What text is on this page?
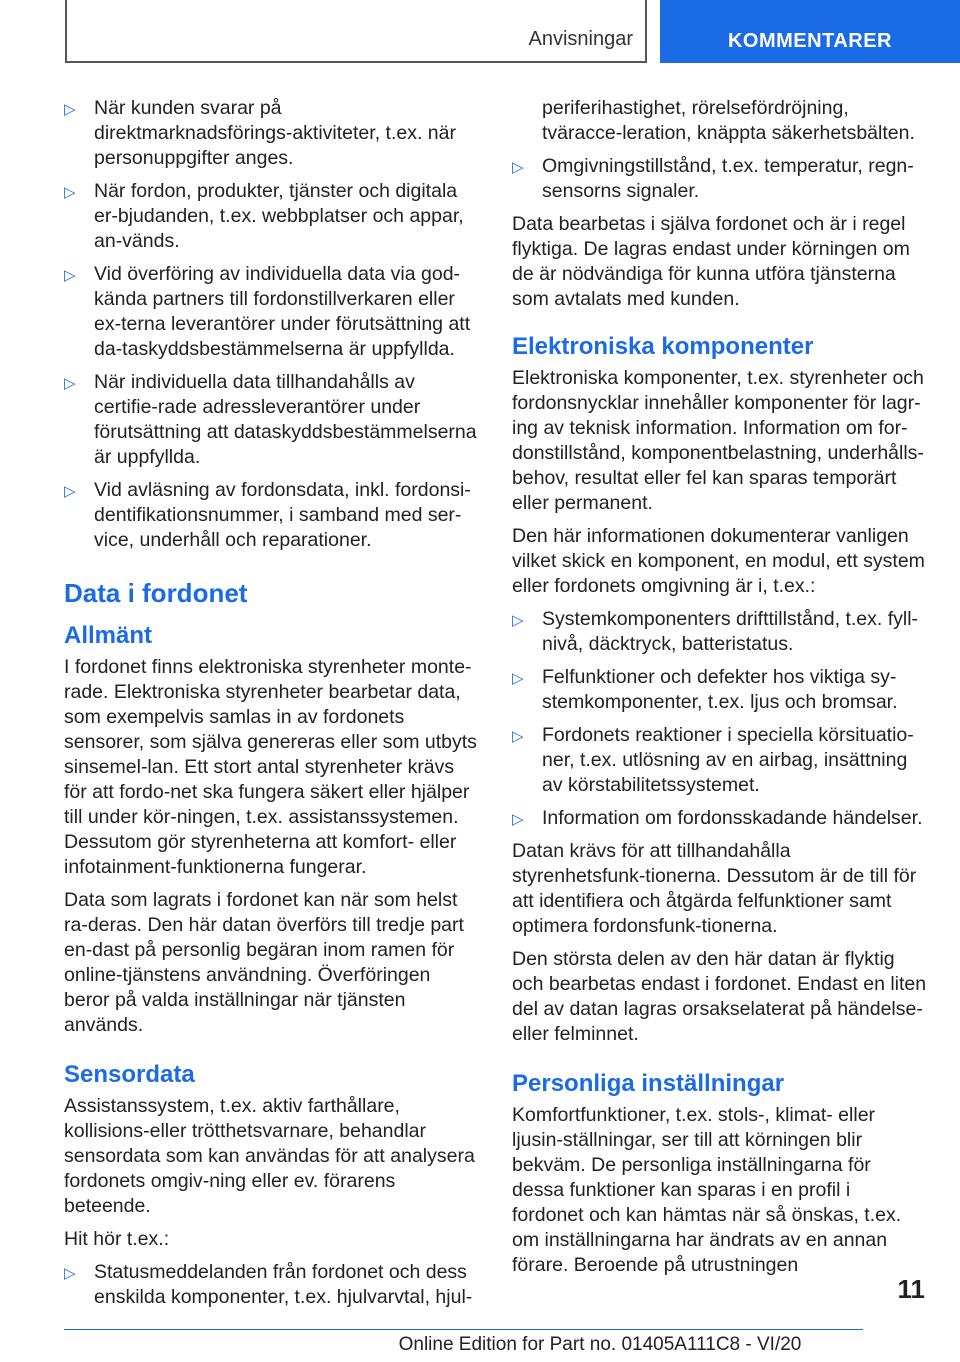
Anvisningar	KOMMENTARER
▷ När kunden svarar på direktmarknadsförings-aktiviteter, t.ex. när personuppgifter anges.
▷ När fordon, produkter, tjänster och digitala er-bjudanden, t.ex. webbplatser och appar, an-vänds.
▷ Vid överföring av individuella data via god-kända partners till fordonstillverkaren eller ex-terna leverantörer under förutsättning att da-taskyddsbestämmelserna är uppfyllda.
▷ När individuella data tillhandahålls av certifie-rade adressleverantörer under förutsättning att dataskyddsbestämmelserna är uppfyllda.
▷ Vid avläsning av fordonsdata, inkl. fordonsi-dentifikationsnummer, i samband med ser-vice, underhåll och reparationer.
Data i fordonet
Allmänt

I fordonet finns elektroniska styrenheter monte-rade. Elektroniska styrenheter bearbetar data, som exempelvis samlas in av fordonets sensorer, som själva genereras eller som utbyts sinsemel-lan. Ett stort antal styrenheter krävs för att fordo-net ska fungera säkert eller hjälper till under kör-ningen, t.ex. assistanssystemen. Dessutom gör styrenheterna att komfort- eller infotainment-funktionerna fungerar.

Data som lagrats i fordonet kan när som helst ra-deras. Den här datan överförs till tredje part en-dast på personlig begäran inom ramen för online-tjänstens användning. Överföringen beror på valda inställningar när tjänsten används.

Sensordata

Assistanssystem, t.ex. aktiv farthållare, kollisions-eller trötthetsvarnare, behandlar sensordata som kan användas för att analysera fordonets omgiv-ning eller ev. förarens beteende.

Hit hör t.ex.:

▷ Statusmeddelanden från fordonet och dess enskilda komponenter, t.ex. hjulvarvtal, hjul-
periferihastighet, rörelsefördröjning, tväracce-leration, knäppta säkerhetsbälten.
▷ Omgivningstillstånd, t.ex. temperatur, regn-sensorns signaler.

Data bearbetas i själva fordonet och är i regel flyktiga. De lagras endast under körningen om de är nödvändiga för kunna utföra tjänsterna som avtalats med kunden.

Elektroniska komponenter

Elektroniska komponenter, t.ex. styrenheter och fordonsnycklar innehåller komponenter för lagr-ing av teknisk information. Information om for-donstillstånd, komponentbelastning, underhålls-behov, resultat eller fel kan sparas temporärt eller permanent.

Den här informationen dokumenterar vanligen vilket skick en komponent, en modul, ett system eller fordonets omgivning är i, t.ex.:

▷ Systemkomponenters drifttillstånd, t.ex. fyll-nivå, däcktryck, batteristatus.
▷ Felfunktioner och defekter hos viktiga sy-stemkomponenter, t.ex. ljus och bromsar.
▷ Fordonets reaktioner i speciella körsituatio-ner, t.ex. utlösning av en airbag, insättning av körstabilitetssystemet.
▷ Information om fordonsskadande händelser.

Datan krävs för att tillhandahålla styrenhetsfunk-tionerna. Dessutom är de till för att identifiera och åtgärda felfunktioner samt optimera fordonsfunk-tionerna.

Den största delen av den här datan är flyktig och bearbetas endast i fordonet. Endast en liten del av datan lagras orsakselaterat på händelse- eller felminnet.

Personliga inställningar

Komfortfunktioner, t.ex. stols-, klimat- eller ljusin-ställningar, ser till att körningen blir bekväm. De personliga inställningarna för dessa funktioner kan sparas i en profil i fordonet och kan hämtas när så önskas, t.ex. om inställningarna har ändrats av en annan förare. Beroende på utrustningen

11
Online Edition for Part no. 01405A111C8 - VI/20
